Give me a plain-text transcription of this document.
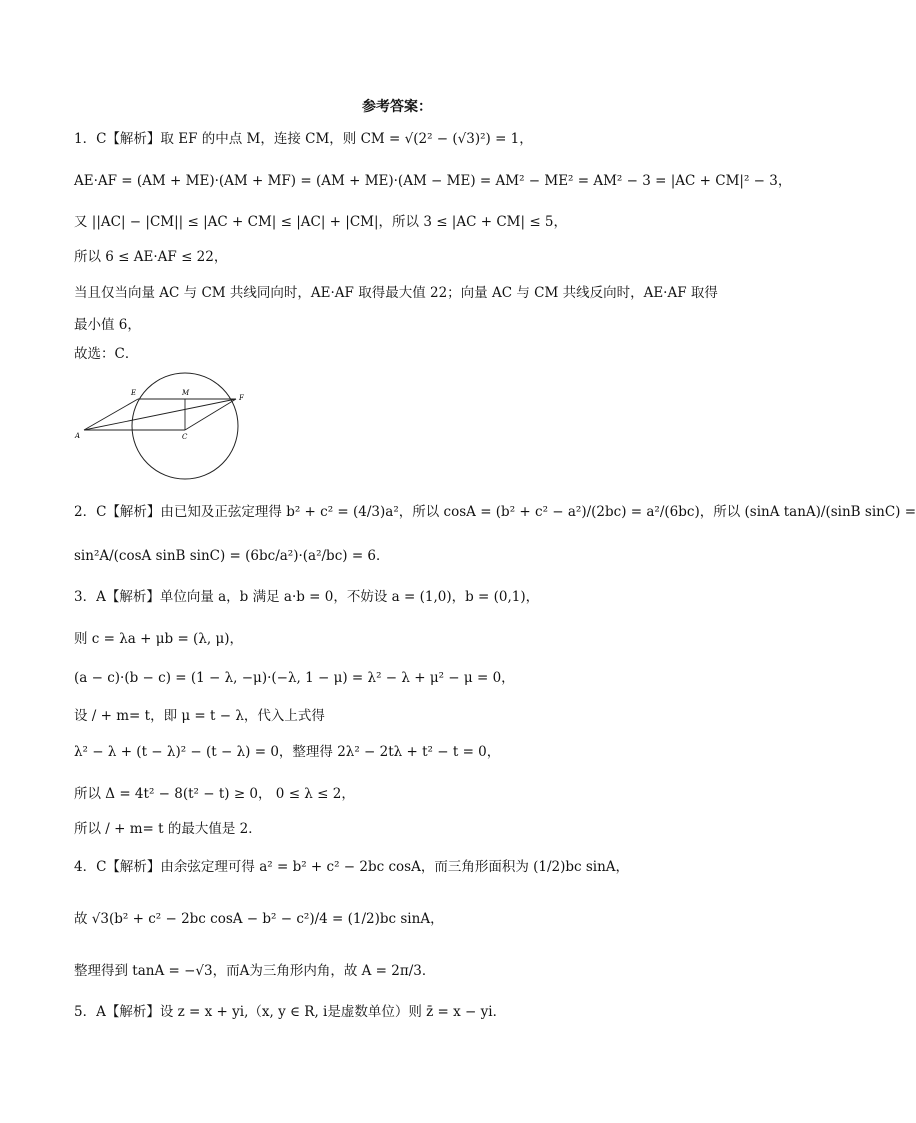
参考答案：
1．C【解析】取 EF 的中点 M，连接 CM，则 CM = √(2² − (√3)²) = 1，
AE·AF = (AM + ME)·(AM + MF) = (AM + ME)·(AM − ME) = AM² − ME² = AM² − 3 = |AC + CM|² − 3，
又 ||AC| − |CM|| ≤ |AC + CM| ≤ |AC| + |CM|，所以 3 ≤ |AC + CM| ≤ 5，
所以 6 ≤ AE·AF ≤ 22，
当且仅当向量 AC 与 CM 共线同向时，AE·AF 取得最大值 22；向量 AC 与 CM 共线反向时，AE·AF 取得
最小值 6，
故选：C．
E	M
F
A	C
2．C【解析】由已知及正弦定理得 b² + c² = (4/3)a²，所以 cosA = (b² + c² − a²)/(2bc) = a²/(6bc)，所以 (sinA tanA)/(sinB sinC) =
sin²A/(cosA sinB sinC) = (6bc/a²)·(a²/bc) = 6．
3．A【解析】单位向量 a，b 满足 a·b = 0，不妨设 a = (1,0)，b = (0,1)，
则 c = λa + μb = (λ, μ)，
(a − c)·(b − c) = (1 − λ, −μ)·(−λ, 1 − μ) = λ² − λ + μ² − μ = 0，
设 / + m= t，即 μ = t − λ，代入上式得
λ² − λ + (t − λ)² − (t − λ) = 0，整理得 2λ² − 2tλ + t² − t = 0，
所以 Δ = 4t² − 8(t² − t) ≥ 0， 0 ≤ λ ≤ 2，
所以 / + m= t 的最大值是 2．
4．C【解析】由余弦定理可得 a² = b² + c² − 2bc cosA，而三角形面积为 (1/2)bc sinA，
故 √3(b² + c² − 2bc cosA − b² − c²)/4 = (1/2)bc sinA，
整理得到 tanA = −√3，而A为三角形内角，故 A = 2π/3．
5．A【解析】设 z = x + yi,（x, y ∈ R, i是虚数单位）则 z̄ = x − yi．
